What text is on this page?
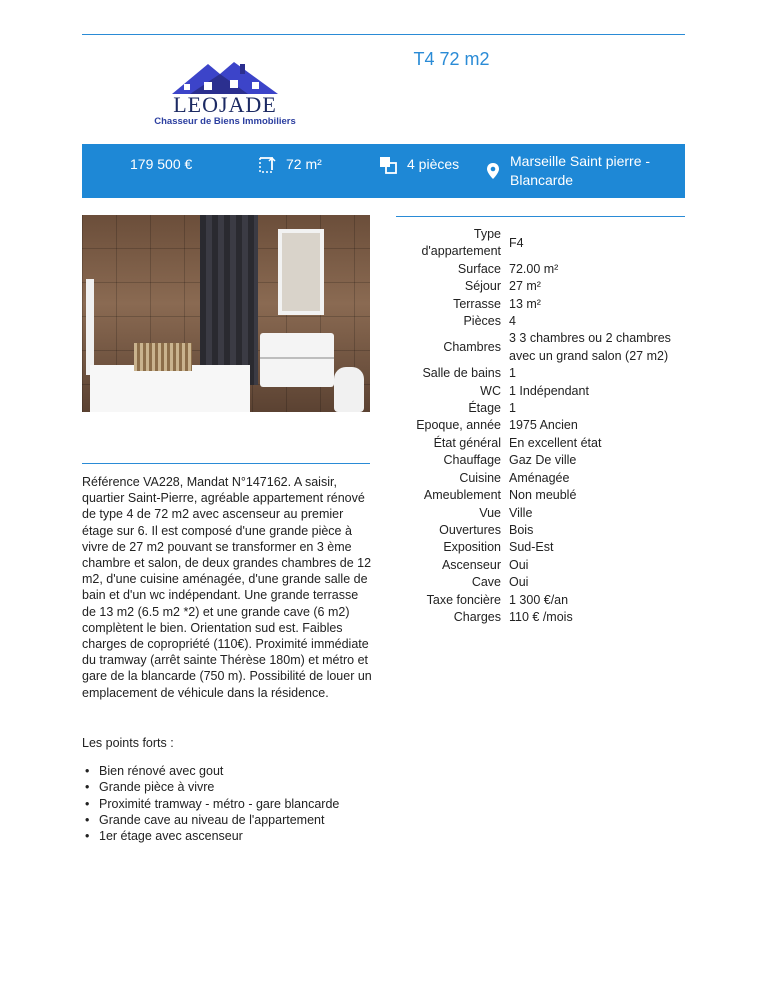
T4 72 m2
LEOJADE
Chasseur de Biens Immobiliers
179 500 €	72 m²	4 pièces	Marseille Saint pierre - Blancarde
Référence VA228, Mandat N°147162. A saisir, quartier Saint-Pierre, agréable appartement rénové de type 4 de 72 m2 avec ascenseur au premier étage sur 6. Il est composé d'une grande pièce à vivre de 27 m2 pouvant se transformer en 3 ème chambre et salon, de deux grandes chambres de 12 m2, d'une cuisine aménagée, d'une grande salle de bain et d'un wc indépendant. Une grande terrasse de 13 m2 (6.5 m2 *2) et une grande cave (6 m2) complètent le bien. Orientation sud est. Faibles charges de copropriété (110€). Proximité immédiate du tramway (arrêt sainte Thérèse 180m) et métro et gare de la blancarde (750 m). Possibilité de louer un emplacement de véhicule dans la résidence.
Les points forts :
• Bien rénové avec gout
• Grande pièce à vivre
• Proximité tramway - métro - gare blancarde
• Grande cave au niveau de l'appartement
• 1er étage avec ascenseur
Type d'appartement	F4
Surface	72.00 m²
Séjour	27 m²
Terrasse	13 m²
Pièces	4
Chambres	3 3 chambres ou 2 chambres avec un grand salon (27 m2)
Salle de bains	1
WC	1 Indépendant
Étage	1
Epoque, année	1975 Ancien
État général	En excellent état
Chauffage	Gaz De ville
Cuisine	Aménagée
Ameublement	Non meublé
Vue	Ville
Ouvertures	Bois
Exposition	Sud-Est
Ascenseur	Oui
Cave	Oui
Taxe foncière	1 300 €/an
Charges	110 € /mois
